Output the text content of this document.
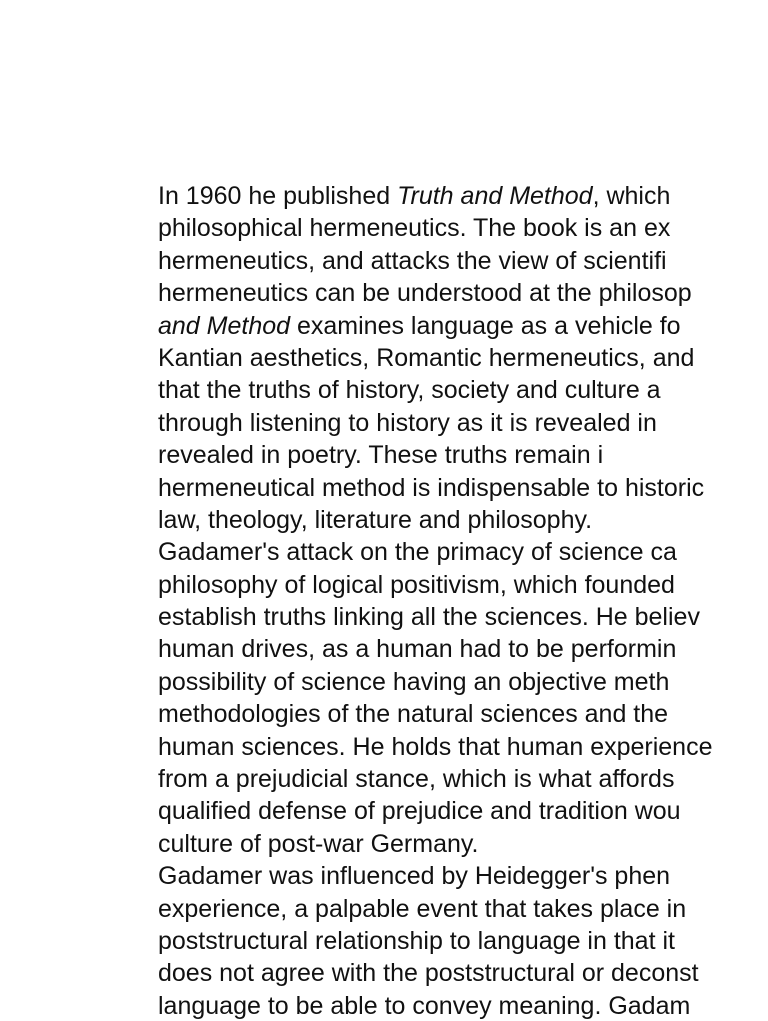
In 1960 he published Truth and Method, which
philosophical hermeneutics. The book is an ex
hermeneutics, and attacks the view of scientifi
hermeneutics can be understood at the philosop
and Method examines language as a vehicle fo
Kantian aesthetics, Romantic hermeneutics, and
that the truths of history, society and culture a
through listening to history as it is revealed in
revealed in poetry. These truths remain i
hermeneutical method is indispensable to historic
law, theology, literature and philosophy.
Gadamer's attack on the primacy of science ca
philosophy of logical positivism, which founded
establish truths linking all the sciences. He believ
human drives, as a human had to be performin
possibility of science having an objective meth
methodologies of the natural sciences and the
human sciences. He holds that human experience
from a prejudicial stance, which is what affords
qualified defense of prejudice and tradition wou
culture of post-war Germany.
Gadamer was influenced by Heidegger's phen
experience, a palpable event that takes place in
poststructural relationship to language in that it
does not agree with the poststructural or deconst
language to be able to convey meaning. Gadam
